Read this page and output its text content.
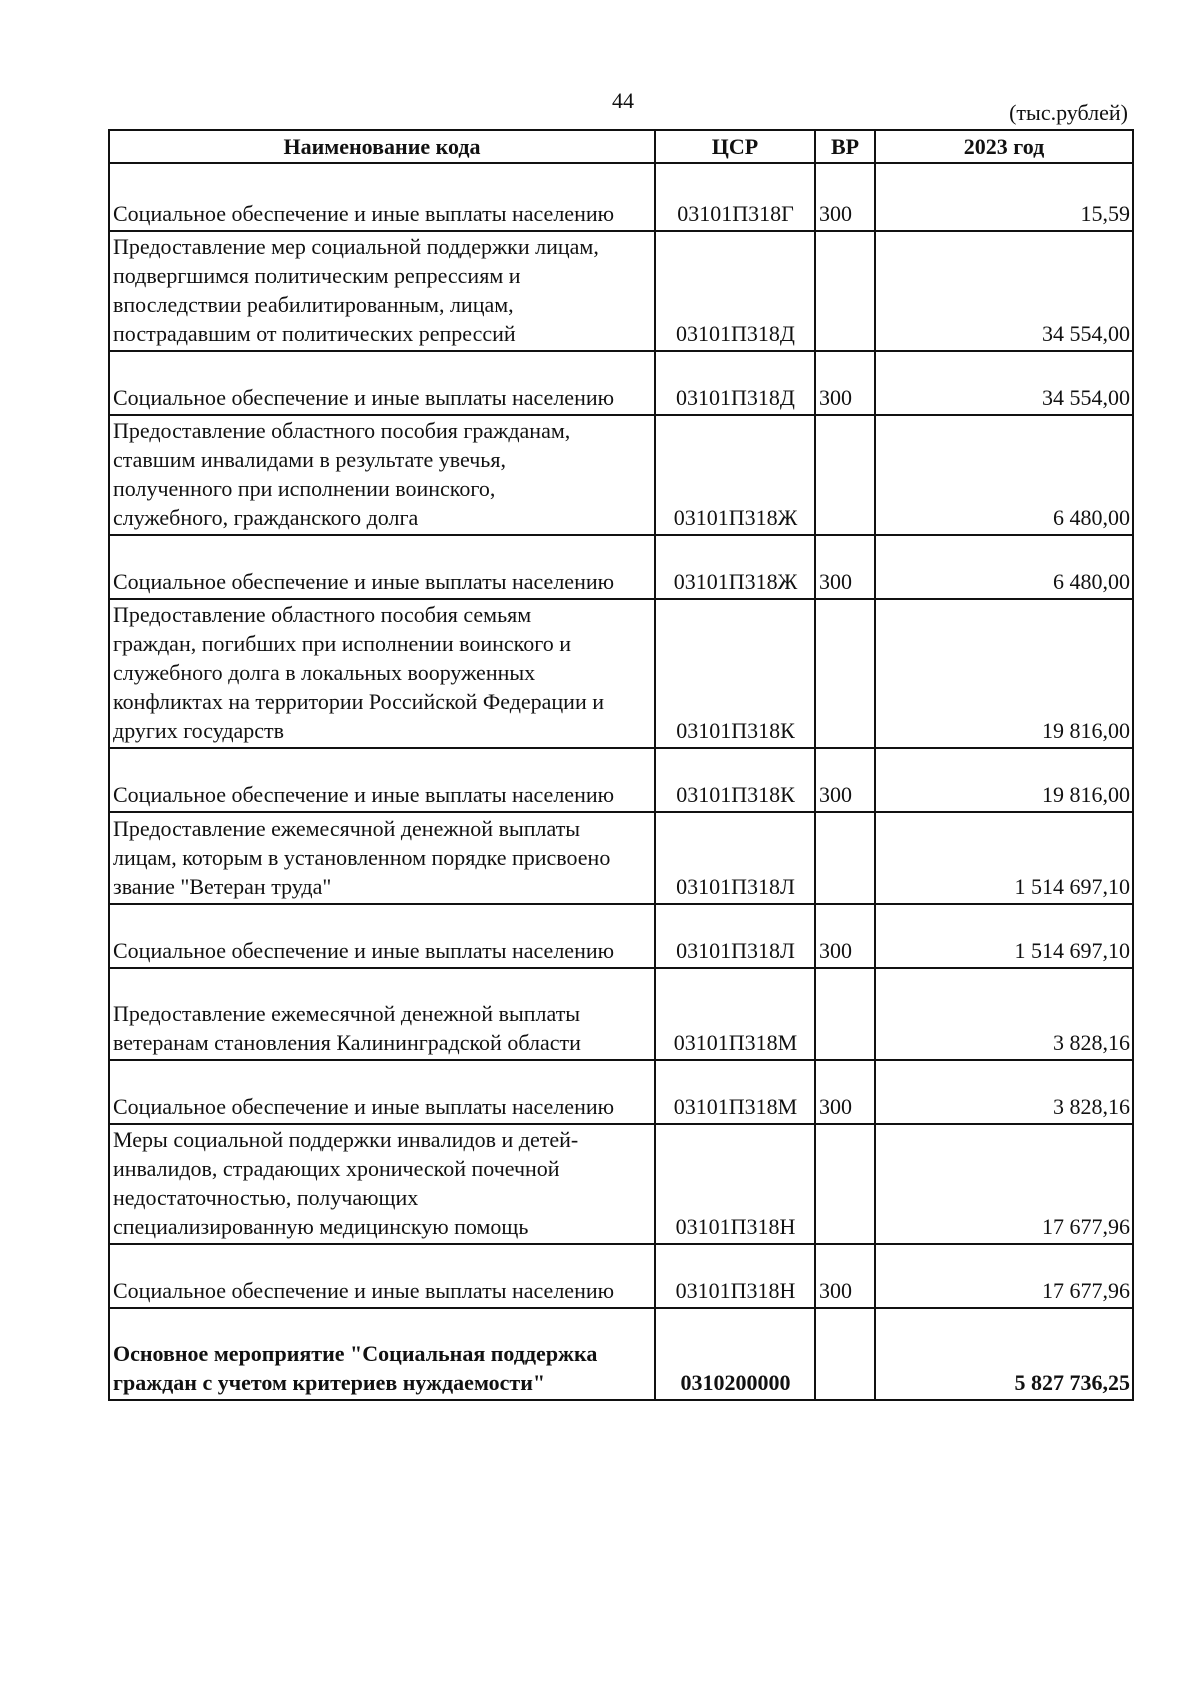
44	(тыс.рублей)
Наименование кода	ЦСР	ВР	2023 год

Социальное обеспечение и иные выплаты населению	03101П318Г	300	15,59

Предоставление мер социальной поддержки лицам,
подвергшимся политическим репрессиям и
впоследствии реабилитированным, лицам,
пострадавшим от политических репрессий	03101П318Д		34 554,00

Социальное обеспечение и иные выплаты населению	03101П318Д	300	34 554,00

Предоставление областного пособия гражданам,
ставшим инвалидами в результате увечья,
полученного при исполнении воинского,
служебного, гражданского долга	03101П318Ж		6 480,00

Социальное обеспечение и иные выплаты населению	03101П318Ж	300	6 480,00

Предоставление областного пособия семьям
граждан, погибших при исполнении воинского и
служебного долга в локальных вооруженных
конфликтах на территории Российской Федерации и
других государств	03101П318К		19 816,00

Социальное обеспечение и иные выплаты населению	03101П318К	300	19 816,00

Предоставление ежемесячной денежной выплаты
лицам, которым в установленном порядке присвоено
звание "Ветеран труда"	03101П318Л		1 514 697,10

Социальное обеспечение и иные выплаты населению	03101П318Л	300	1 514 697,10

Предоставление ежемесячной денежной выплаты
ветеранам становления Калининградской области	03101П318М		3 828,16

Социальное обеспечение и иные выплаты населению	03101П318М	300	3 828,16

Меры социальной поддержки инвалидов и детей-
инвалидов, страдающих хронической почечной
недостаточностью, получающих
специализированную медицинскую помощь	03101П318Н		17 677,96

Социальное обеспечение и иные выплаты населению	03101П318Н	300	17 677,96

Основное мероприятие "Социальная поддержка
граждан с учетом критериев нуждаемости"	0310200000		5 827 736,25
